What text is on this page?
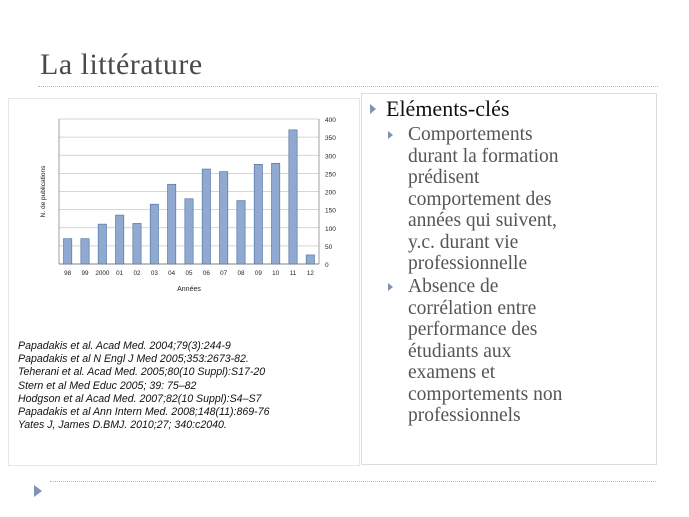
La littérature
0
50
100
150
200
250
300
350
400
98 99 2000 01 02 03 04 05 06 07 08 09 10 11 12
Années
N. de publications
Papadakis et al. Acad Med. 2004;79(3):244-9
Papadakis et al N Engl J Med 2005;353:2673-82.
Teherani et al. Acad Med. 2005;80(10 Suppl):S17-20
Stern et al Med Educ 2005; 39: 75–82
Hodgson et al Acad Med. 2007;82(10 Suppl):S4–S7
Papadakis et al Ann Intern Med. 2008;148(11):869-76
Yates J, James D.BMJ. 2010;27; 340:c2040.
Eléments-clés
Comportements
durant la formation
prédisent
comportement des
années qui suivent,
y.c. durant vie
professionnelle
Absence de
corrélation entre
performance des
étudiants aux
examens et
comportements non
professionnels
